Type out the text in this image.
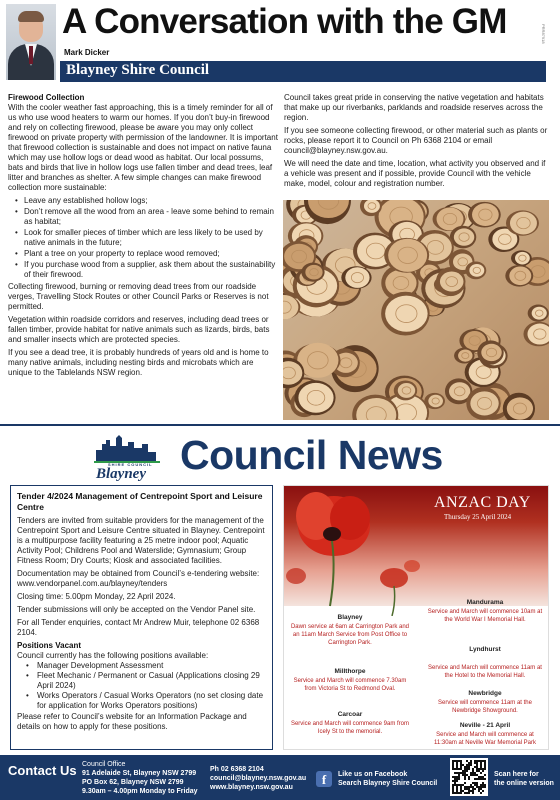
A Conversation with the GM
Mark Dicker
Blayney Shire Council
PRR87918
Firewood Collection

With the cooler weather fast approaching, this is a timely reminder for all of us who use wood heaters to warm our homes. If you don’t buy-in firewood and rely on collecting firewood, please be aware you may only collect firewood on private property with permission of the landowner. It is important that firewood collection is sustainable and does not impact on native fauna which may use hollow logs or dead wood as habitat. Our local possums, bats and birds that live in hollow logs use fallen timber and dead trees, leaf litter and branches as shelter. A few simple changes can make firewood collection more sustainable:

• Leave any established hollow logs;
• Don’t remove all the wood from an area - leave some behind to remain as habitat;
• Look for smaller pieces of timber which are less likely to be used by native animals in the future;
• Plant a tree on your property to replace wood removed;
• If you purchase wood from a supplier, ask them about the sustainability of their firewood.

Collecting firewood, burning or removing dead trees from our roadside verges, Travelling Stock Routes or other Council Parks or Reserves is not permitted.

Vegetation within roadside corridors and reserves, including dead trees or fallen timber, provide habitat for native animals such as lizards, birds, bats and smaller insects which are protected species.

If you see a dead tree, it is probably hundreds of years old and is home to many native animals, including nesting birds and microbats which are unique to the Tablelands NSW region.

Council takes great pride in conserving the native vegetation and habitats that make up our riverbanks, parklands and roadside reserves across the region.

If you see someone collecting firewood, or other material such as plants or rocks, please report it to Council on Ph 6368 2104 or email council@blayney.nsw.gov.au.

We will need the date and time, location, what activity you observed and if a vehicle was present and if possible, provide Council with the vehicle make, model, colour and registration number.

SHIRE COUNCIL
Blayney Council News
Tender 4/2024 Management of Centrepoint Sport and Leisure Centre

Tenders are invited from suitable providers for the management of the Centrepoint Sport and Leisure Centre situated in Blayney. Centrepoint is a multipurpose facility featuring a 25 metre indoor pool; Aquatic Activity Pool; Childrens Pool and Waterslide; Gymnasium; Group Fitness Room; Dry Courts; Kiosk and associated facilities.

Documentation may be obtained from Council’s e-tendering website: www.vendorpanel.com.au/blayney/tenders

Closing time: 5.00pm Monday, 22 April 2024.

Tender submissions will only be accepted on the Vendor Panel site.

For all Tender enquiries, contact Mr Andrew Muir, telephone 02 6368 2104.

Positions Vacant
Council currently has the following positions available:
• Manager Development Assessment
• Fleet Mechanic / Permanent or Casual (Applications closing 29 April 2024)
• Works Operators / Casual Works Operators (no set closing date for application for Works Operators positions)
Please refer to Council’s website for an Information Package and details on how to apply for these positions.
ANZAC DAY
Thursday 25 April 2024
Blayney
Dawn service at 6am at Carrington Park and an 11am March Service from Post Office to Carrington Park.
Mandurama
Service and March will commence 10am at the World War I Memorial Hall.
Lyndhurst
Service and March will commence 11am at the Hotel to the Memorial Hall.
Millthorpe
Service and March will commence 7.30am from Victoria St to Redmond Oval.
Newbridge
Service will commence 11am at the Newbridge Showground.
Carcoar
Service and March will commence 9am from Icely St to the memorial.
Neville - 21 April
Service and March will commence at 11:30am at Neville War Memorial Park
Contact Us Council Office
91 Adelaide St, Blayney NSW 2799
PO Box 62, Blayney NSW 2799
9.30am – 4.00pm Monday to Friday
Ph 02 6368 2104
council@blayney.nsw.gov.au
www.blayney.nsw.gov.au
f	Like us on Facebook
Search Blayney Shire Council
Scan here for
the online version
